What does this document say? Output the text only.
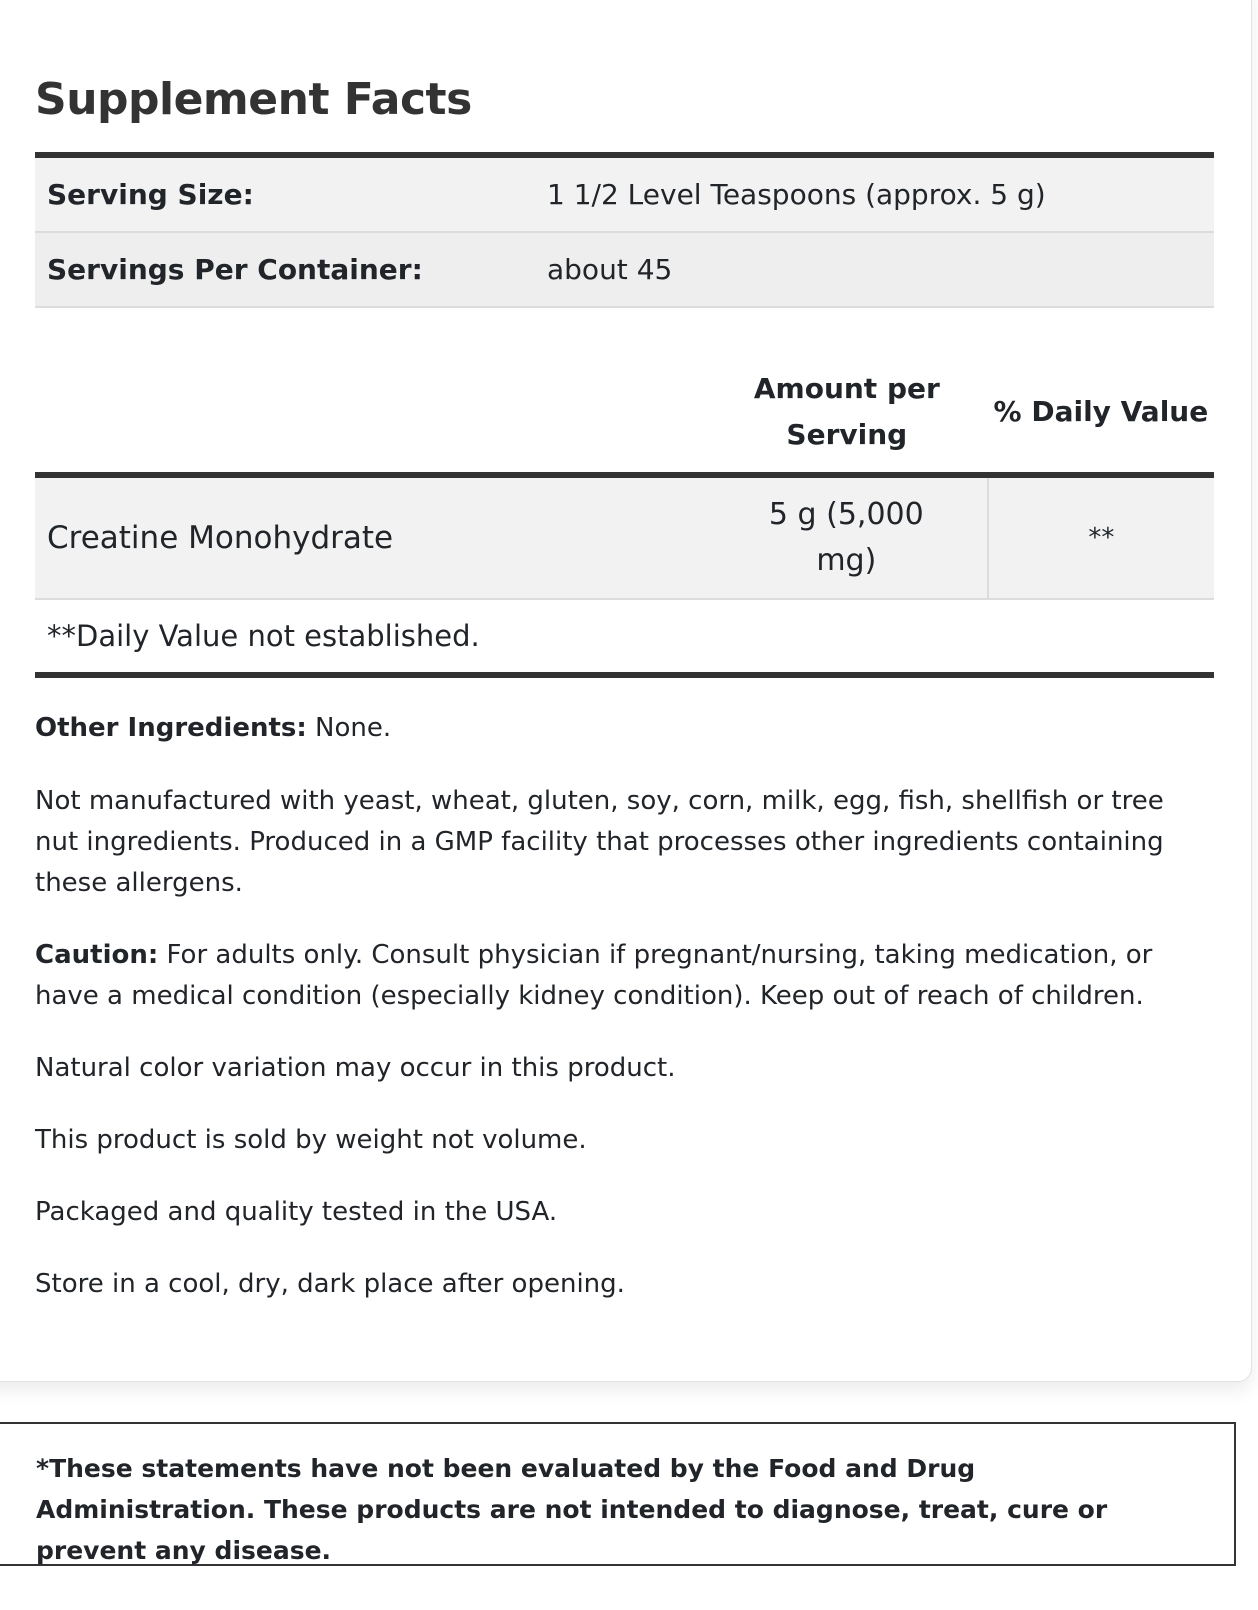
Supplement Facts
Serving Size:	1 1/2 Level Teaspoons (approx. 5 g)
Servings Per Container:	about 45
	Amount per Serving	% Daily Value
Creatine Monohydrate	5 g (5,000 mg)	**
**Daily Value not established.		

Other Ingredients: None.

Not manufactured with yeast, wheat, gluten, soy, corn, milk, egg, fish, shellfish or tree nut ingredients. Produced in a GMP facility that processes other ingredients containing these allergens.

Caution: For adults only. Consult physician if pregnant/nursing, taking medication, or have a medical condition (especially kidney condition). Keep out of reach of children.

Natural color variation may occur in this product.

This product is sold by weight not volume.

Packaged and quality tested in the USA.

Store in a cool, dry, dark place after opening.

*These statements have not been evaluated by the Food and Drug Administration. These products are not intended to diagnose, treat, cure or prevent any disease.
